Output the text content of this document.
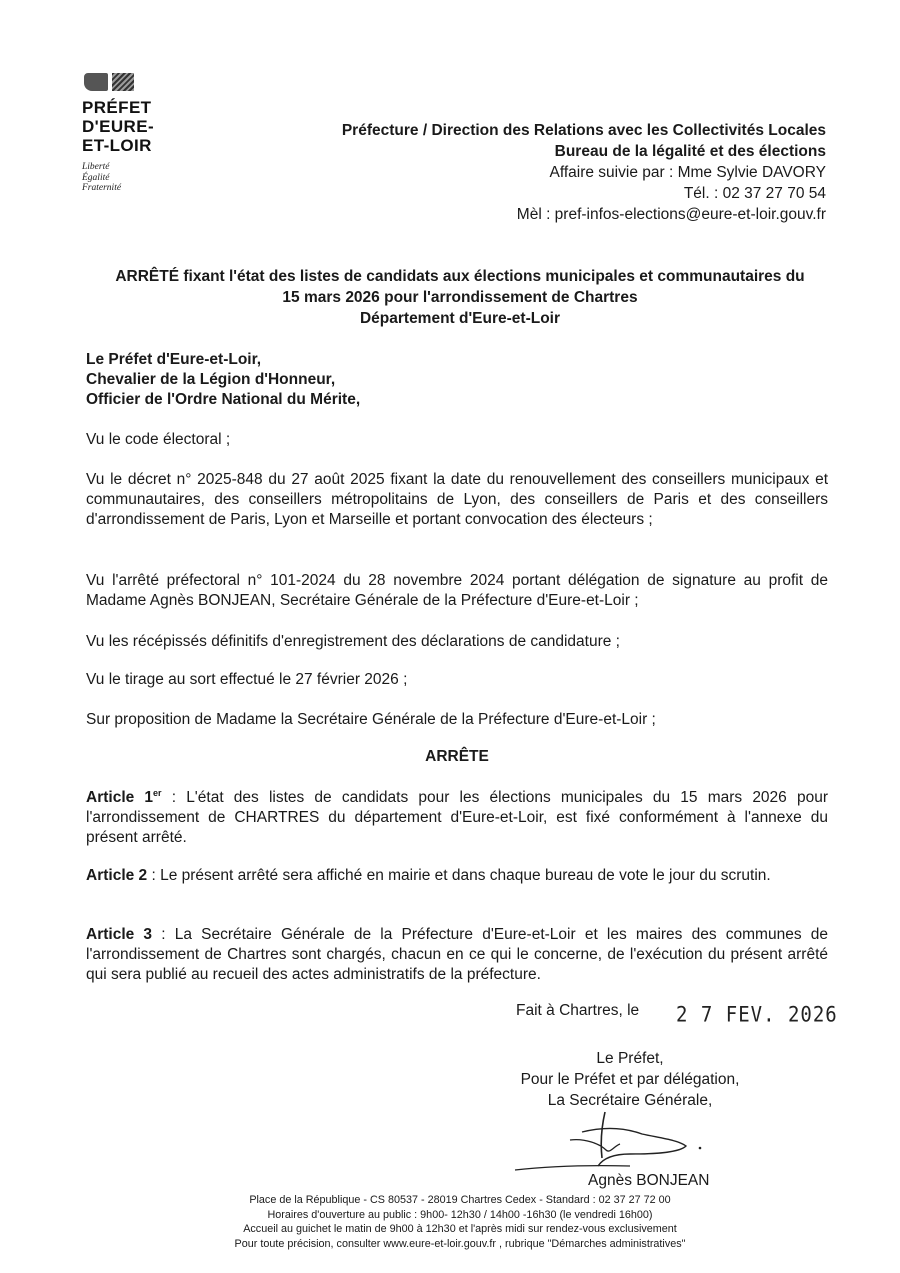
PRÉFET
D'EURE-
ET-LOIR
Liberté
Égalité
Fraternité
Préfecture / Direction des Relations avec les Collectivités Locales
Bureau de la légalité et des élections
Affaire suivie par : Mme Sylvie DAVORY
Tél. : 02 37 27 70 54
Mèl : pref-infos-elections@eure-et-loir.gouv.fr
ARRÊTÉ fixant l'état des listes de candidats aux élections municipales et communautaires du
15 mars 2026 pour l'arrondissement de Chartres
Département d'Eure-et-Loir
Le Préfet d'Eure-et-Loir,
Chevalier de la Légion d'Honneur,
Officier de l'Ordre National du Mérite,
Vu le code électoral ;
Vu le décret n° 2025-848 du 27 août 2025 fixant la date du renouvellement des conseillers municipaux et communautaires, des conseillers métropolitains de Lyon, des conseillers de Paris et des conseillers d'arrondissement de Paris, Lyon et Marseille et portant convocation des électeurs ;
Vu l'arrêté préfectoral n° 101-2024 du 28 novembre 2024 portant délégation de signature au profit de Madame Agnès BONJEAN, Secrétaire Générale de la Préfecture d'Eure-et-Loir ;
Vu les récépissés définitifs d'enregistrement des déclarations de candidature ;
Vu le tirage au sort effectué le 27 février 2026 ;
Sur proposition de Madame la Secrétaire Générale de la Préfecture d'Eure-et-Loir ;
ARRÊTE
Article 1er : L'état des listes de candidats pour les élections municipales du 15 mars 2026 pour l'arrondissement de CHARTRES du département d'Eure-et-Loir, est fixé conformément à l'annexe du présent arrêté.
Article 2 : Le présent arrêté sera affiché en mairie et dans chaque bureau de vote le jour du scrutin.
Article 3 : La Secrétaire Générale de la Préfecture d'Eure-et-Loir et les maires des communes de l'arrondissement de Chartres sont chargés, chacun en ce qui le concerne, de l'exécution du présent arrêté qui sera publié au recueil des actes administratifs de la préfecture.
Fait à Chartres, le 2 7 FEV. 2026
Le Préfet,
Pour le Préfet et par délégation,
La Secrétaire Générale,
Agnès BONJEAN
Place de la République - CS 80537 - 28019 Chartres Cedex - Standard : 02 37 27 72 00
Horaires d'ouverture au public : 9h00- 12h30 / 14h00 -16h30 (le vendredi 16h00)
Accueil au guichet le matin de 9h00 à 12h30 et l'après midi sur rendez-vous exclusivement
Pour toute précision, consulter www.eure-et-loir.gouv.fr , rubrique "Démarches administratives"
